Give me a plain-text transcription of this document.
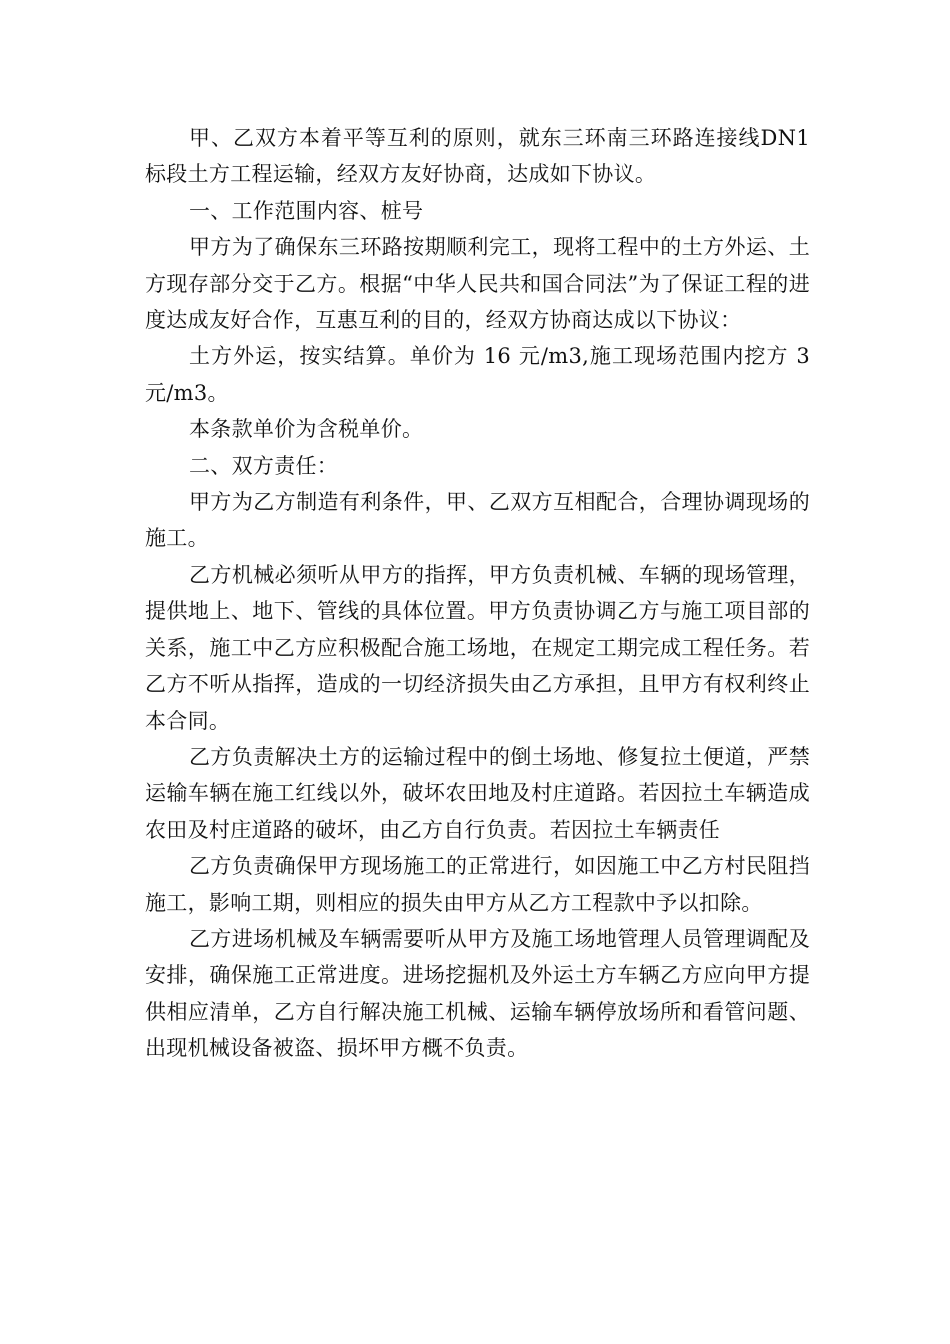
甲、乙双方本着平等互利的原则，就东三环南三环路连接线DN1标段土方工程运输，经双方友好协商，达成如下协议。

一、工作范围内容、桩号

甲方为了确保东三环路按期顺利完工，现将工程中的土方外运、土方现存部分交于乙方。根据“中华人民共和国合同法”为了保证工程的进度达成友好合作，互惠互利的目的，经双方协商达成以下协议：

土方外运，按实结算。单价为 16 元/m3,施工现场范围内挖方 3 元/m3。

本条款单价为含税单价。

二、双方责任：

甲方为乙方制造有利条件，甲、乙双方互相配合，合理协调现场的施工。

乙方机械必须听从甲方的指挥，甲方负责机械、车辆的现场管理，提供地上、地下、管线的具体位置。甲方负责协调乙方与施工项目部的关系，施工中乙方应积极配合施工场地，在规定工期完成工程任务。若乙方不听从指挥，造成的一切经济损失由乙方承担，且甲方有权利终止本合同。

乙方负责解决土方的运输过程中的倒土场地、修复拉土便道，严禁运输车辆在施工红线以外，破坏农田地及村庄道路。若因拉土车辆造成农田及村庄道路的破坏，由乙方自行负责。若因拉土车辆责任

乙方负责确保甲方现场施工的正常进行，如因施工中乙方村民阻挡施工，影响工期，则相应的损失由甲方从乙方工程款中予以扣除。

乙方进场机械及车辆需要听从甲方及施工场地管理人员管理调配及安排，确保施工正常进度。进场挖掘机及外运土方车辆乙方应向甲方提供相应清单，乙方自行解决施工机械、运输车辆停放场所和看管问题、出现机械设备被盗、损坏甲方概不负责。
